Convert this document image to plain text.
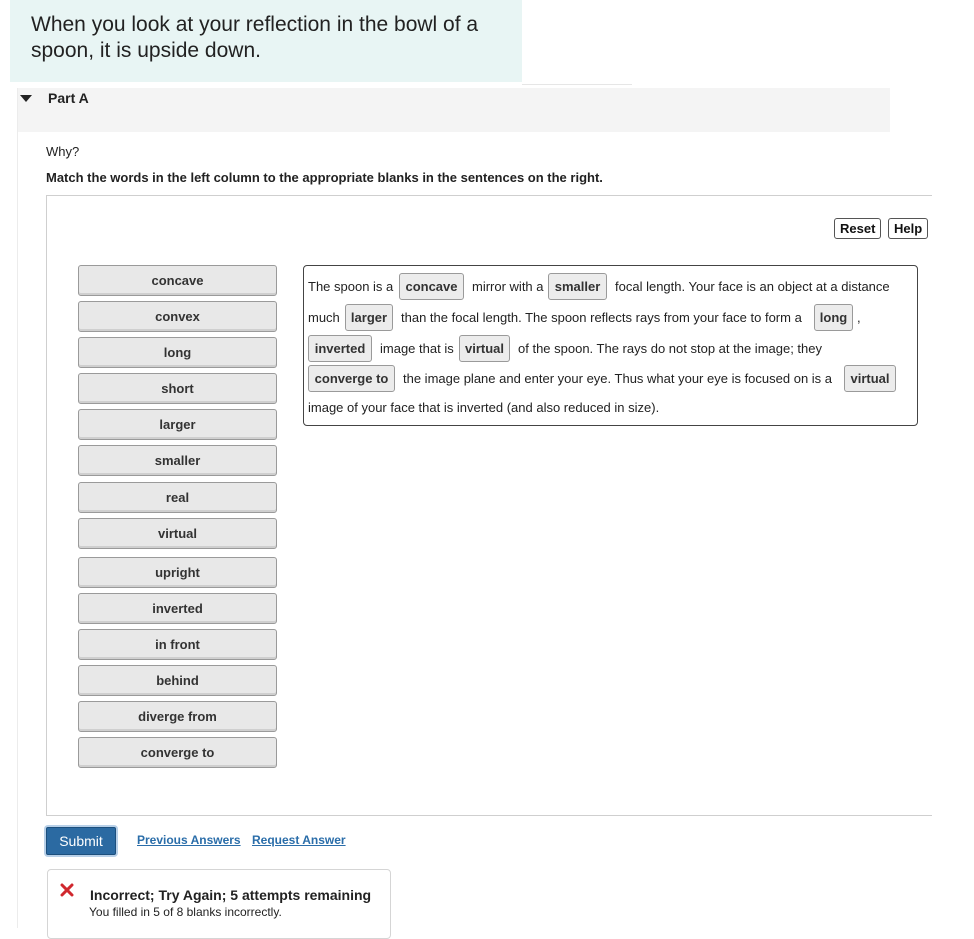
When you look at your reflection in the bowl of a
spoon, it is upside down.
Part A
Why?
Match the words in the left column to the appropriate blanks in the sentences on the right.
Reset	Help
concave
convex
long
short
larger
smaller
real
virtual
upright
inverted
in front
behind
diverge from
converge to
The spoon is a concave	mirror with a smaller	focal length. Your face is an object at a distance
much larger	than the focal length. The spoon reflects rays from your face to form a	long ,
inverted	image that is virtual	of the spoon. The rays do not stop at the image; they
converge to	the image plane and enter your eye. Thus what your eye is focused on is a	virtual
image of your face that is inverted (and also reduced in size).
Submit	Previous Answers Request Answer
Incorrect; Try Again; 5 attempts remaining
You filled in 5 of 8 blanks incorrectly.
